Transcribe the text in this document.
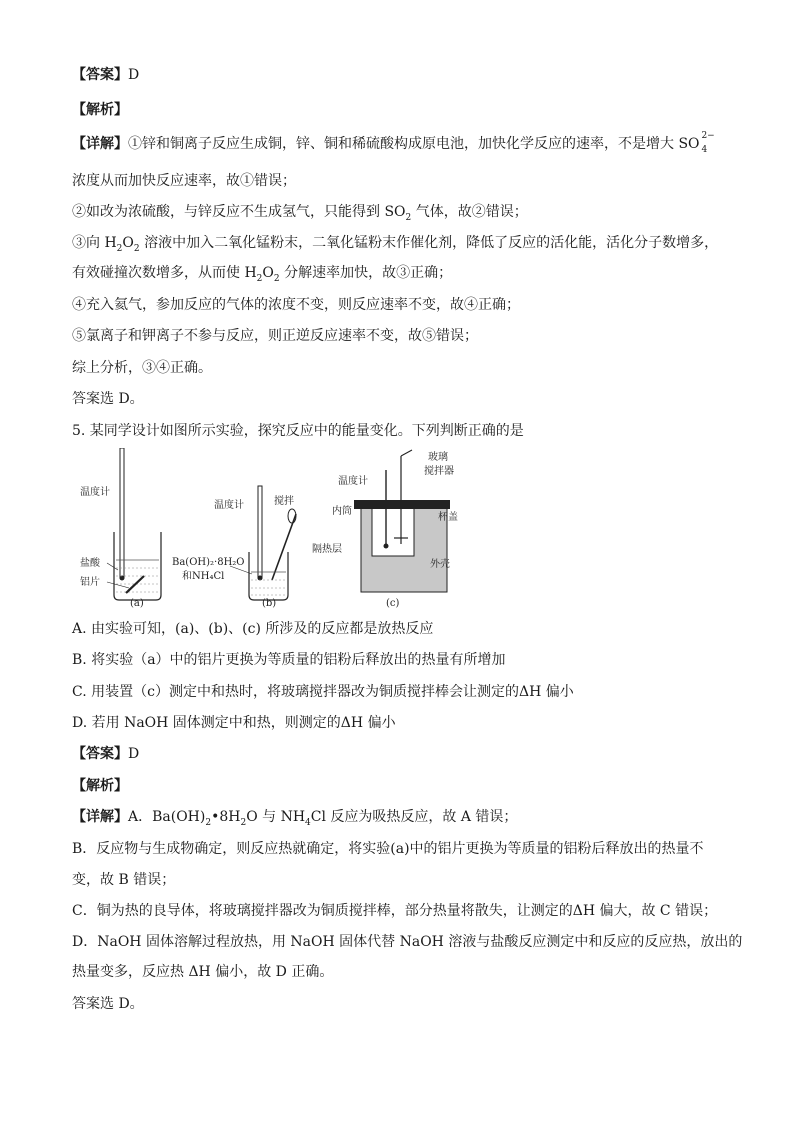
【答案】D
【解析】
【详解】①锌和铜离子反应生成铜，锌、铜和稀硫酸构成原电池，加快化学反应的速率，不是增大 SO 2−
4
浓度从而加快反应速率，故①错误；
②如改为浓硫酸，与锌反应不生成氢气，只能得到 $SO_2$ 气体，故②错误；
③向 $H_2O_2$ 溶液中加入二氧化锰粉末，二氧化锰粉末作催化剂，降低了反应的活化能，活化分子数增多，
有效碰撞次数增多，从而使 $H_2O_2$ 分解速率加快，故③正确；
④充入氦气，参加反应的气体的浓度不变，则反应速率不变，故④正确；
⑤氯离子和钾离子不参与反应，则正逆反应速率不变，故⑤错误；
综上分析，③④正确。
答案选 D。
5. 某同学设计如图所示实验，探究反应中的能量变化。下列判断正确的是
温度计
盐酸
铝片
(a)
温度计	搅拌
Ba(OH)₂·8H₂O
和NH₄Cl
(b)
温度计
玻璃
搅拌器
内筒
杯盖
隔热层
外壳
(c)
A. 由实验可知，(a)、(b)、(c) 所涉及的反应都是放热反应
B. 将实验（a）中的铝片更换为等质量的铝粉后释放出的热量有所增加
C. 用装置（c）测定中和热时，将玻璃搅拌器改为铜质搅拌棒会让测定的ΔH 偏小
D. 若用 NaOH 固体测定中和热，则测定的ΔH 偏小
【答案】D
【解析】
【详解】A．$Ba(OH)_2•8H_2O$ 与 $NH_4Cl$ 反应为吸热反应，故 A 错误；
B．反应物与生成物确定，则反应热就确定，将实验(a)中的铝片更换为等质量的铝粉后释放出的热量不
变，故 B 错误；
C．铜为热的良导体，将玻璃搅拌器改为铜质搅拌棒，部分热量将散失，让测定的ΔH 偏大，故 C 错误；
D．NaOH 固体溶解过程放热，用 NaOH 固体代替 NaOH 溶液与盐酸反应测定中和反应的反应热，放出的
热量变多，反应热 ΔH 偏小，故 D 正确。
答案选 D。
